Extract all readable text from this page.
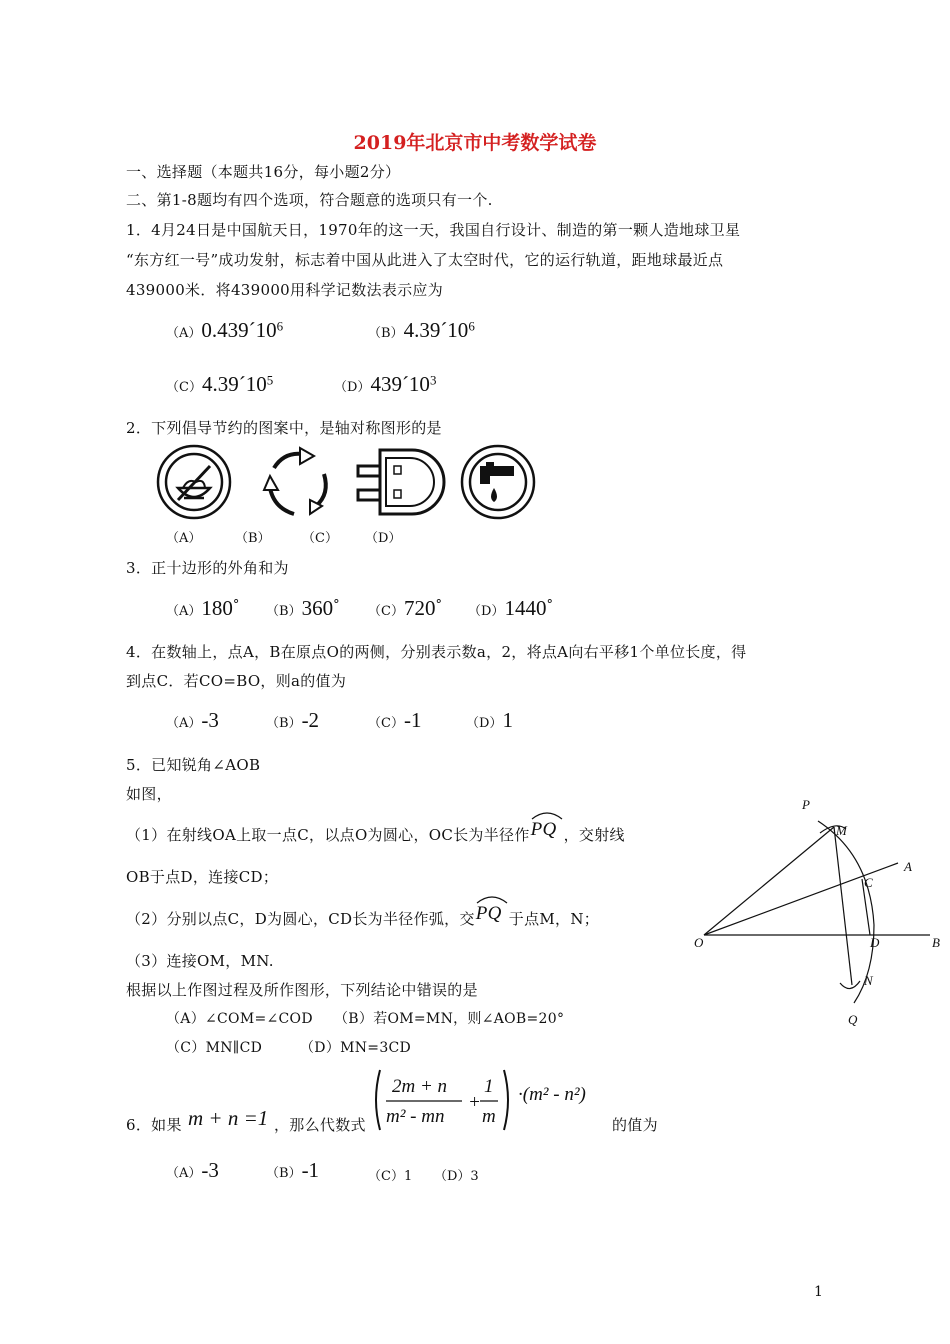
2019年北京市中考数学试卷
一、选择题（本题共16分，每小题2分）
二、第1-8题均有四个选项，符合题意的选项只有一个.
1．4月24日是中国航天日，1970年的这一天，我国自行设计、制造的第一颗人造地球卫星
“东方红一号”成功发射，标志着中国从此进入了太空时代，它的运行轨道，距地球最近点
439000米．将439000用科学记数法表示应为
$(A)0.439´10^6$	$(B)4.39´10^6$
$(C)4.39´10^5$	$(D)439´10^3$
2．下列倡导节约的图案中，是轴对称图形的是
（A）	（B） （C） （D）
3．正十边形的外角和为
（A）180° （B）360° （C）720° （D）1440°
4．在数轴上，点A，B在原点O的两侧，分别表示数a，2，将点A向右平移1个单位长度，得
到点C．若CO=BO，则a的值为
（A）-3	（B）-2	（C）-1	（D）1
5．已知锐角∠AOB
如图，
（1）在射线OA上取一点C，以点O为圆心，OC长为半径作 PQ ，交射线
OB于点D，连接CD；
（2）分别以点C，D为圆心，CD长为半径作弧，交 PQ 于点M，N；
（3）连接OM，MN.
根据以上作图过程及所作图形，下列结论中错误的是
（A）∠COM=∠COD （B）若OM=MN，则∠AOB=20°
（C）MN∥CD	（D）MN=3CD
P
M
A
C
O	D	B
N
Q
6．如果 m + n =1 ，那么代数式
2m + n
m² - mn
+
1
m
·(m² - n²)
的值为
（A）-3	（B）-1	（C）1 （D）3
1
